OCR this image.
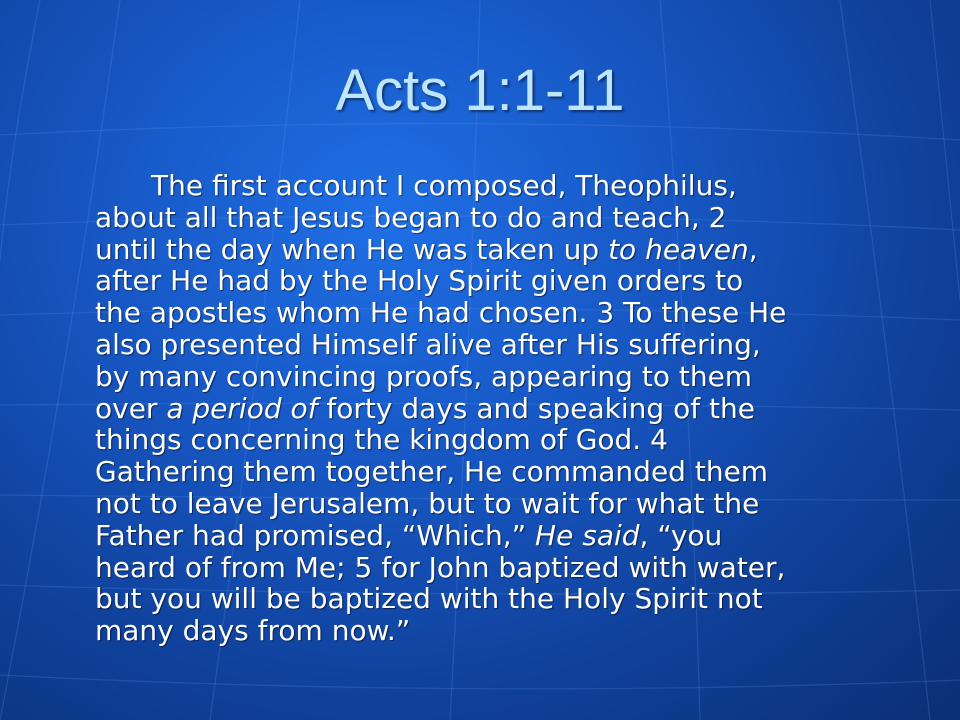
Acts 1:1-11
The first account I composed, Theophilus,
about all that Jesus began to do and teach, 2
until the day when He was taken up to heaven,
after He had by the Holy Spirit given orders to
the apostles whom He had chosen. 3 To these He
also presented Himself alive after His suffering,
by many convincing proofs, appearing to them
over a period of forty days and speaking of the
things concerning the kingdom of God. 4
Gathering them together, He commanded them
not to leave Jerusalem, but to wait for what the
Father had promised, “Which,” He said, “you
heard of from Me; 5 for John baptized with water,
but you will be baptized with the Holy Spirit not
many days from now.”
